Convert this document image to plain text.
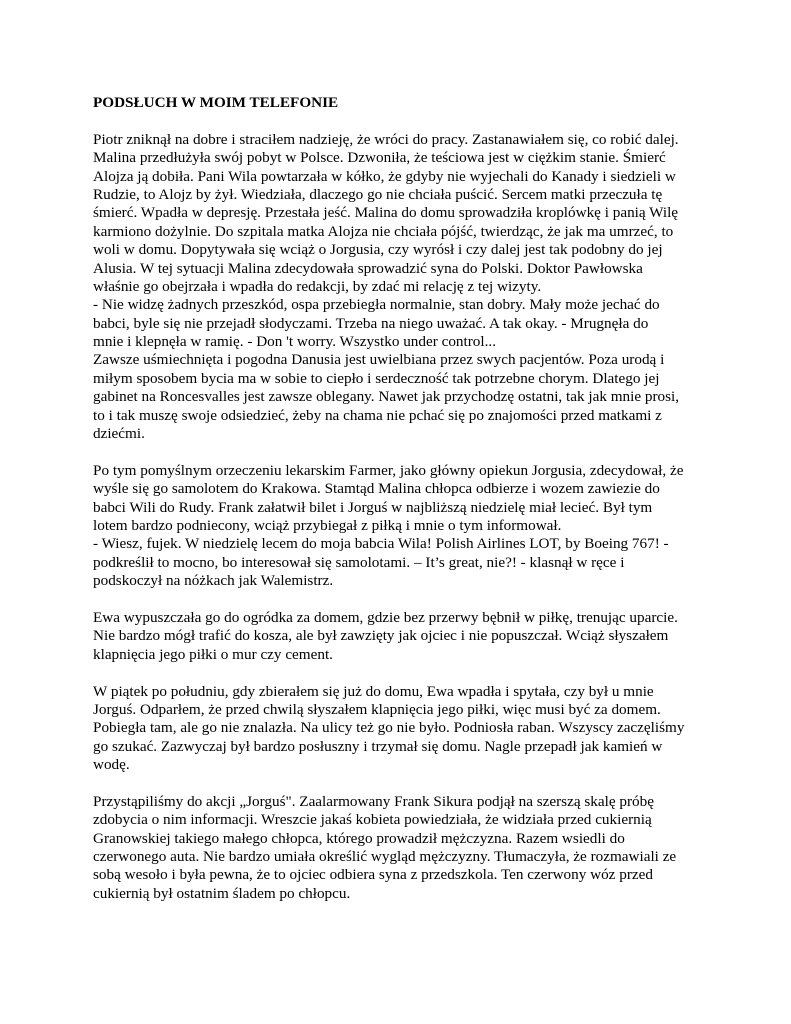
PODSŁUCH W MOIM TELEFONIE
Piotr zniknął na dobre i straciłem nadzieję, że wróci do pracy. Zastanawiałem się, co robić dalej.
Malina przedłużyła swój pobyt w Polsce. Dzwoniła, że teściowa jest w ciężkim stanie. Śmierć
Alojza ją dobiła. Pani Wila powtarzała w kółko, że gdyby nie wyjechali do Kanady i siedzieli w
Rudzie, to Alojz by żył. Wiedziała, dlaczego go nie chciała puścić. Sercem matki przeczuła tę
śmierć. Wpadła w depresję. Przestała jeść. Malina do domu sprowadziła kroplówkę i panią Wilę
karmiono dożylnie. Do szpitala matka Alojza nie chciała pójść, twierdząc, że jak ma umrzeć, to
woli w domu. Dopytywała się wciąż o Jorgusia, czy wyrósł i czy dalej jest tak podobny do jej
Alusia. W tej sytuacji Malina zdecydowała sprowadzić syna do Polski. Doktor Pawłowska
właśnie go obejrzała i wpadła do redakcji, by zdać mi relację z tej wizyty.
- Nie widzę żadnych przeszkód, ospa przebiegła normalnie, stan dobry. Mały może jechać do
babci, byle się nie przejadł słodyczami. Trzeba na niego uważać. A tak okay. - Mrugnęła do
mnie i klepnęła w ramię. - Don 't worry. Wszystko under control...
Zawsze uśmiechnięta i pogodna Danusia jest uwielbiana przez swych pacjentów. Poza urodą i
miłym sposobem bycia ma w sobie to ciepło i serdeczność tak potrzebne chorym. Dlatego jej
gabinet na Roncesvalles jest zawsze oblegany. Nawet jak przychodzę ostatni, tak jak mnie prosi,
to i tak muszę swoje odsiedzieć, żeby na chama nie pchać się po znajomości przed matkami z
dziećmi.
Po tym pomyślnym orzeczeniu lekarskim Farmer, jako główny opiekun Jorgusia, zdecydował, że
wyśle się go samolotem do Krakowa. Stamtąd Malina chłopca odbierze i wozem zawiezie do
babci Wili do Rudy. Frank załatwił bilet i Jorguś w najbliższą niedzielę miał lecieć. Był tym
lotem bardzo podniecony, wciąż przybiegał z piłką i mnie o tym informował.
- Wiesz, fujek. W niedzielę lecem do moja babcia Wila! Polish Airlines LOT, by Boeing 767! -
podkreślił to mocno, bo interesował się samolotami. – It’s great, nie?! - klasnął w ręce i
podskoczył na nóżkach jak Walemistrz.
Ewa wypuszczała go do ogródka za domem, gdzie bez przerwy bębnił w piłkę, trenując uparcie.
Nie bardzo mógł trafić do kosza, ale był zawzięty jak ojciec i nie popuszczał. Wciąż słyszałem
klapnięcia jego piłki o mur czy cement.
W piątek po południu, gdy zbierałem się już do domu, Ewa wpadła i spytała, czy był u mnie
Jorguś. Odparłem, że przed chwilą słyszałem klapnięcia jego piłki, więc musi być za domem.
Pobiegła tam, ale go nie znalazła. Na ulicy też go nie było. Podniosła raban. Wszyscy zaczęliśmy
go szukać. Zazwyczaj był bardzo posłuszny i trzymał się domu. Nagle przepadł jak kamień w
wodę.
Przystąpiliśmy do akcji „Jorguś". Zaalarmowany Frank Sikura podjął na szerszą skalę próbę
zdobycia o nim informacji. Wreszcie jakaś kobieta powiedziała, że widziała przed cukiernią
Granowskiej takiego małego chłopca, którego prowadził mężczyzna. Razem wsiedli do
czerwonego auta. Nie bardzo umiała określić wygląd mężczyzny. Tłumaczyła, że rozmawiali ze
sobą wesoło i była pewna, że to ojciec odbiera syna z przedszkola. Ten czerwony wóz przed
cukiernią był ostatnim śladem po chłopcu.
